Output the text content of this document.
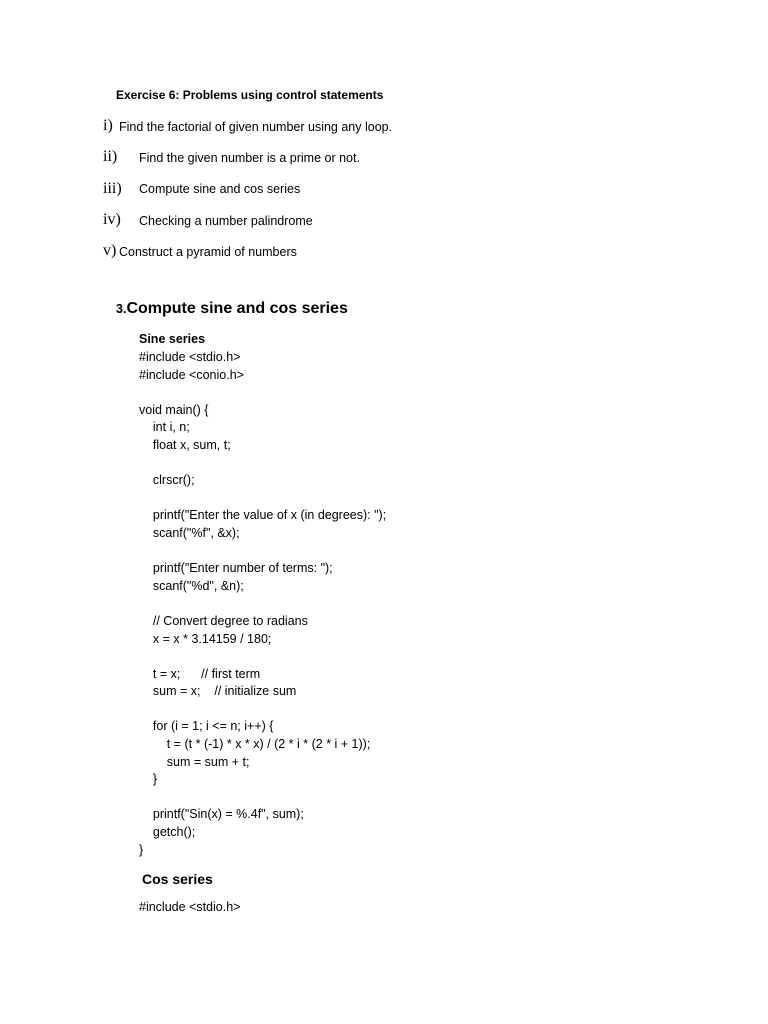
Exercise 6: Problems using control statements
i) Find the factorial of given number using any loop.
ii) Find the given number is a prime or not.
iii) Compute sine and cos series
iv) Checking a number palindrome
v) Construct a pyramid of numbers
3.Compute sine and cos series
Sine series
#include <stdio.h>
#include <conio.h>

void main() {
int i, n;
float x, sum, t;

clrscr();

printf("Enter the value of x (in degrees): ");
scanf("%f", &x);

printf("Enter number of terms: ");
scanf("%d", &n);

// Convert degree to radians
x = x * 3.14159 / 180;

t = x;      // first term
sum = x;    // initialize sum

for (i = 1; i <= n; i++) {
t = (t * (-1) * x * x) / (2 * i * (2 * i + 1));
sum = sum + t;
}

printf("Sin(x) = %.4f", sum);
getch();
}
Cos series
#include <stdio.h>
